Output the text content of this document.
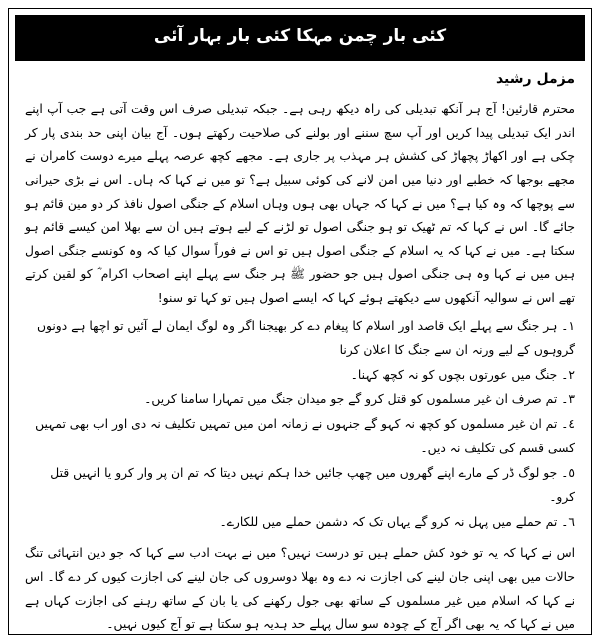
کئی بار چمن مہکا کئی بار بہار آئی
مزمل رشید

محترم قارئین! آج ہر آنکھ تبدیلی کی راہ دیکھ رہی ہے۔ جبکہ تبدیلی صرف اس وقت آتی ہے جب آپ اپنے اندر ایک تبدیلی پیدا کریں اور آپ سچ سننے اور بولنے کی صلاحیت رکھتے ہوں۔ آج بیان اپنی حد بندی پار کر چکی ہے اور اکھاڑ پچھاڑ کی کشش ہر مہذب پر جاری ہے۔ مجھے کچھ عرصہ پہلے میرے دوست کامران نے مجھے بوجھا کہ خطبے اور دنیا میں امن لانے کی کوئی سبیل ہے؟ تو میں نے کہا کہ ہاں۔ اس نے بڑی حیرانی سے پوچھا کہ وہ کیا ہے؟ میں نے کہا کہ جہاں بھی ہوں وہاں اسلام کے جنگی اصول نافذ کر دو مین قائم ہو جائے گا۔ اس نے کہا کہ تم ٹھیک تو ہو جنگی اصول تو لڑنے کے لیے ہوتے ہیں ان سے بھلا امن کیسے قائم ہو سکتا ہے۔ میں نے کہا کہ یہ اسلام کے جنگی اصول ہیں تو اس نے فوراً سوال کیا کہ وہ کونسے جنگی اصول ہیں میں نے کہا وہ ہی جنگی اصول ہیں جو حضور ﷺ ہر جنگ سے پہلے اپنے اصحاب اکرام ؓ کو لقین کرتے تھے اس نے سوالیہ آنکھوں سے دیکھتے ہوئے کہا کہ ایسے اصول ہیں تو کہا تو سنو!

١۔ ہر جنگ سے پہلے ایک قاصد اور اسلام کا پیغام دے کر بھیجنا اگر وہ لوگ ایمان لے آئیں تو اچھا ہے دونوں گروہوں کے لیے ورنہ ان سے جنگ کا اعلان کرنا
٢۔ جنگ میں عورتوں بچوں کو نہ کچھ کہنا۔
٣۔ تم صرف ان غیر مسلموں کو قتل کرو گے جو میدان جنگ میں تمہارا سامنا کریں۔
٤۔ تم ان غیر مسلموں کو کچھ نہ کہو گے جنہوں نے زمانہ امن میں تمہیں تکلیف نہ دی اور اب بھی تمہیں کسی قسم کی تکلیف نہ دیں۔
٥۔ جو لوگ ڈر کے مارے اپنے گھروں میں چھپ جائیں خدا ہکم نہیں دیتا کہ تم ان پر وار کرو یا انہیں قتل کرو۔
٦۔ تم حملے میں پہل نہ کرو گے یہاں تک کہ دشمن حملے میں للکارے۔

اس نے کہا کہ یہ تو خود کش حملے ہیں تو درست نہیں؟ میں نے بہت ادب سے کہا کہ جو دین انتہائی تنگ حالات میں بھی اپنی جان لینے کی اجازت نہ دے وہ بھلا دوسروں کی جان لینے کی اجازت کیوں کر دے گا۔ اس نے کہا کہ اسلام میں غیر مسلموں کے ساتھ بھی جول رکھنے کی یا بان کے ساتھ رہنے کی اجازت کہاں ہے میں نے کہا کہ یہ بھی اگر آج کے چودہ سو سال پہلے حد ہدیہ ہو سکتا ہے تو آج کیوں نہیں۔
